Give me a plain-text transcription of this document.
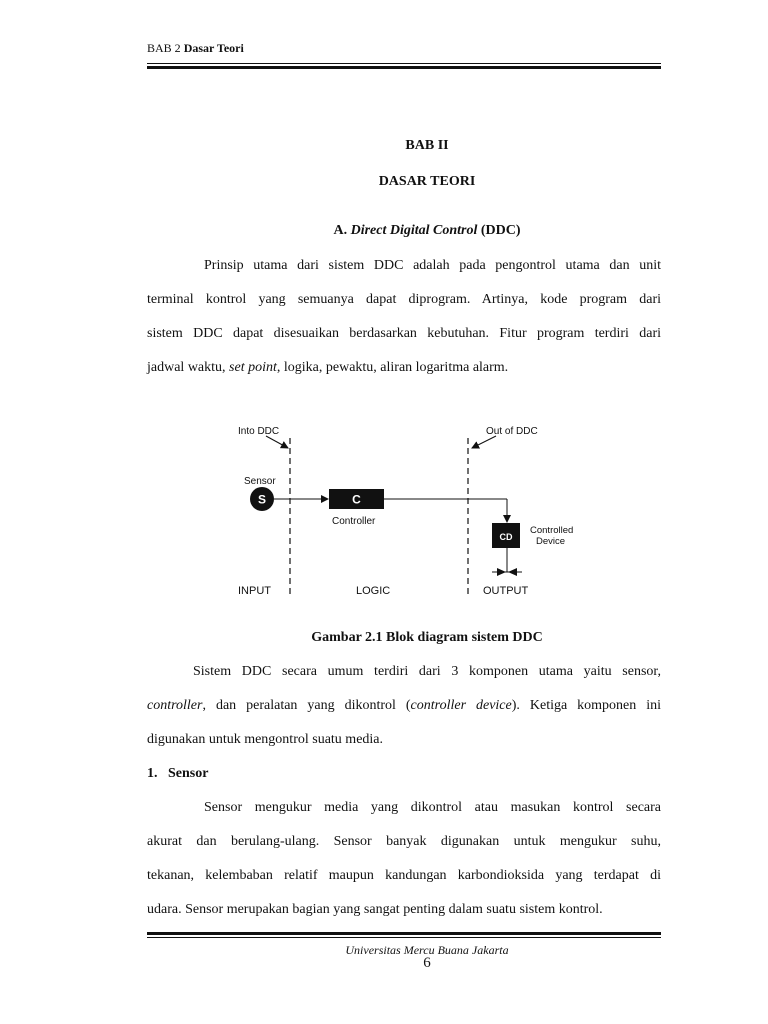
BAB 2 Dasar Teori
BAB II
DASAR TEORI
A. Direct Digital Control (DDC)
Prinsip utama dari sistem DDC adalah pada pengontrol utama dan unit
terminal kontrol yang semuanya dapat diprogram. Artinya, kode program dari
sistem DDC dapat disesuaikan berdasarkan kebutuhan. Fitur program terdiri dari
jadwal waktu, set point, logika, pewaktu, aliran logaritma alarm.
Into DDC	Out of DDC
Sensor
S	C
Controller
CD
Controlled
Device
INPUT	LOGIC	OUTPUT
Gambar 2.1 Blok diagram sistem DDC
Sistem DDC secara umum terdiri dari 3 komponen utama yaitu sensor,
controller, dan peralatan yang dikontrol (controller device). Ketiga komponen ini
digunakan untuk mengontrol suatu media.
1. Sensor
Sensor mengukur media yang dikontrol atau masukan kontrol secara
akurat dan berulang-ulang. Sensor banyak digunakan untuk mengukur suhu,
tekanan, kelembaban relatif maupun kandungan karbondioksida yang terdapat di
udara. Sensor merupakan bagian yang sangat penting dalam suatu sistem kontrol.
Universitas Mercu Buana Jakarta
6
